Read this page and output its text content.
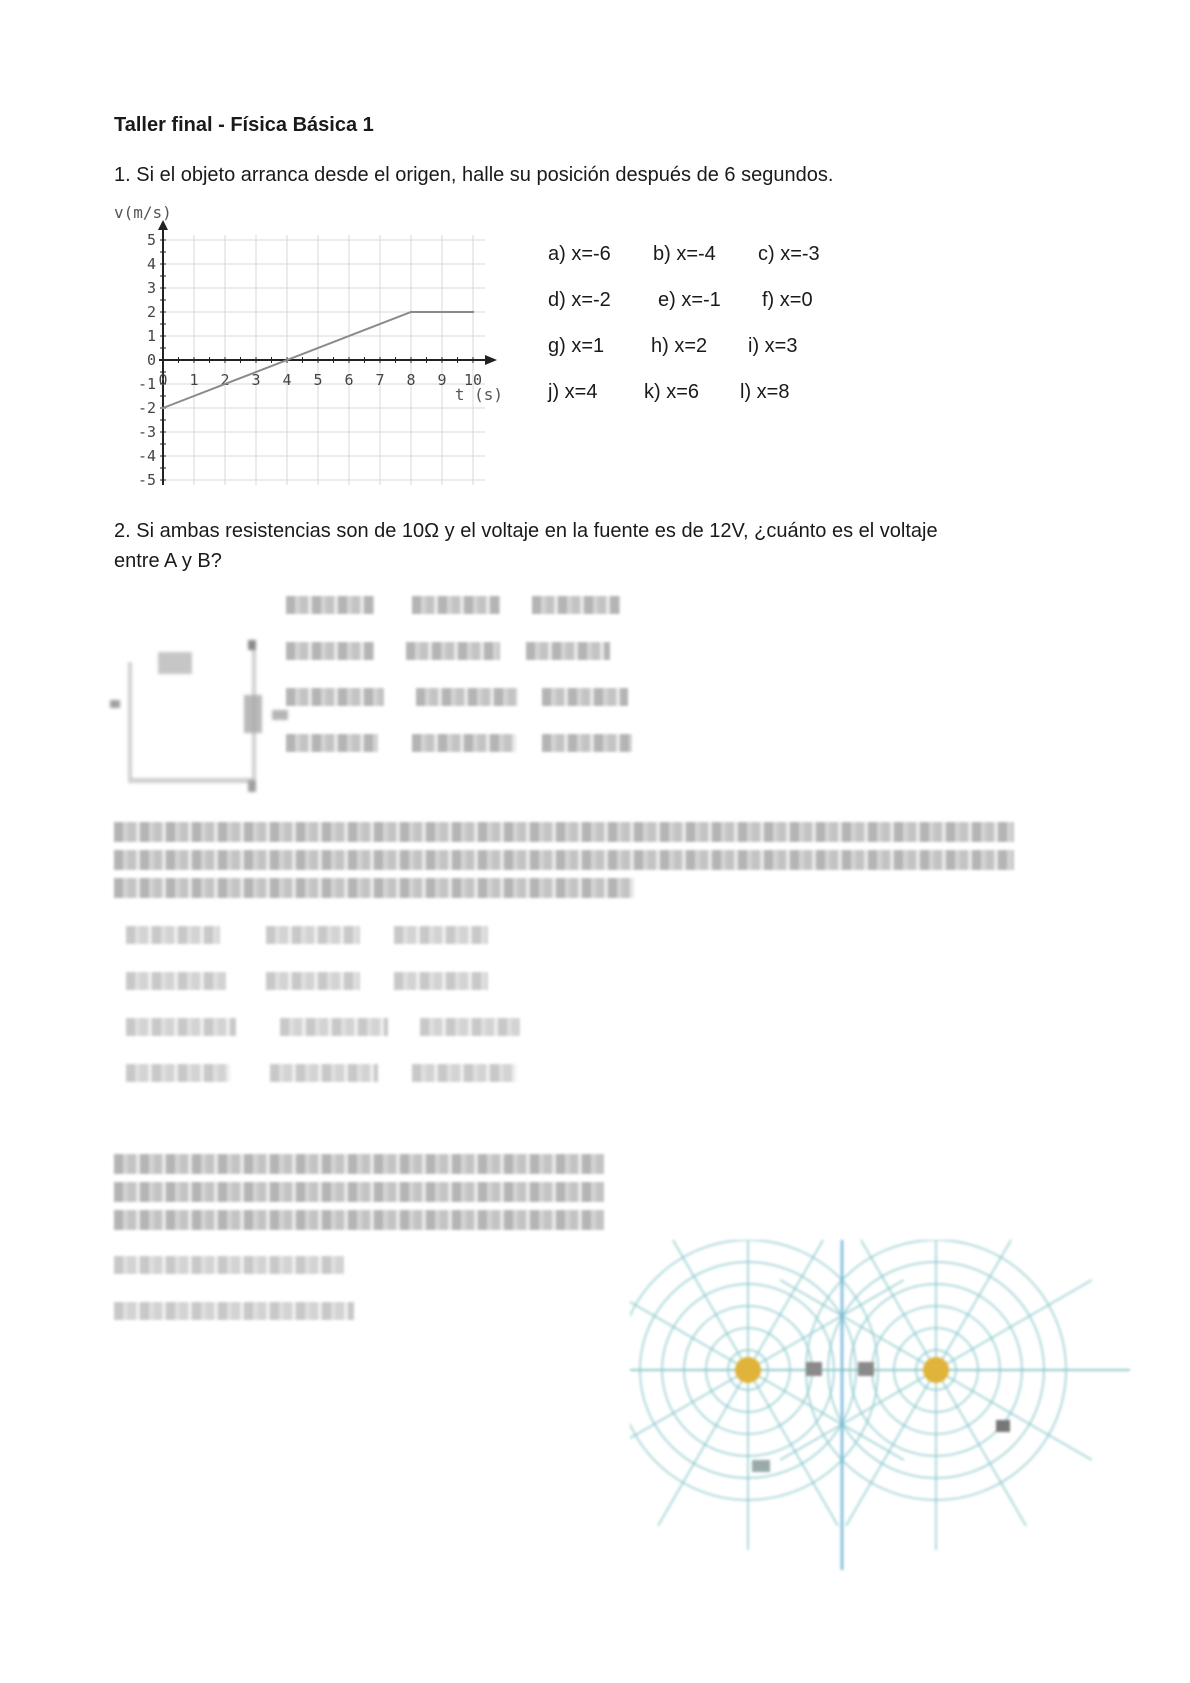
Taller final - Física Básica 1
1. Si el objeto arranca desde el origen, halle su posición después de 6 segundos.
0 1 2 3 4 5 6 7 8 9 10
5
4
3
2
1
0
-1
-2
-3
-4
-5
v(m/s)
t (s)
a) x=-6 b) x=-4 c) x=-3
d) x=-2 e) x=-1 f) x=0
g) x=1 h) x=2 i) x=3
j) x=4 k) x=6 l) x=8
2. Si ambas resistencias son de 10Ω y el voltaje en la fuente es de 12V, ¿cuánto es el voltaje
entre A y B?
